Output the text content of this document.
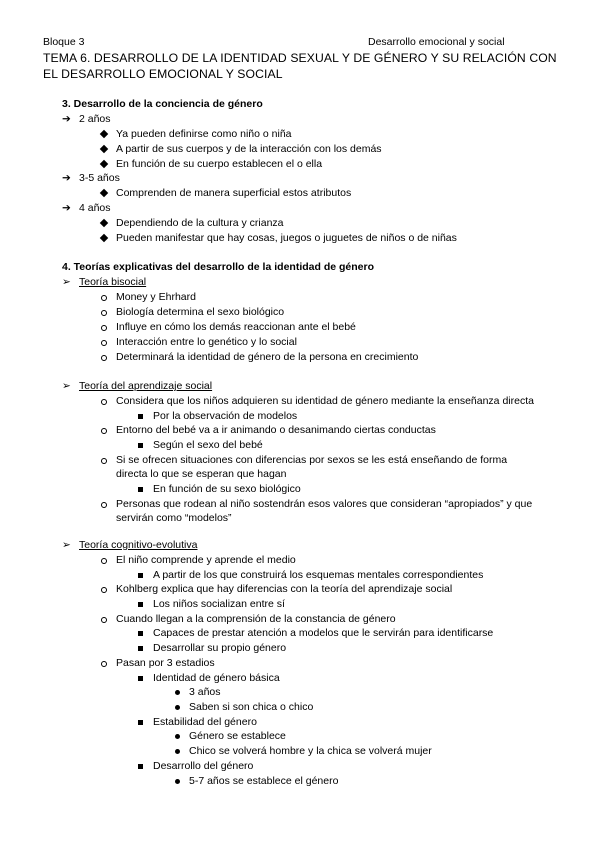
Bloque 3	Desarrollo emocional y social
TEMA 6. DESARROLLO DE LA IDENTIDAD SEXUAL Y DE GÉNERO Y SU RELACIÓN CON
EL DESARROLLO EMOCIONAL Y SOCIAL
3. Desarrollo de la conciencia de género
➔ 2 años
Ya pueden definirse como niño o niña
A partir de sus cuerpos y de la interacción con los demás
En función de su cuerpo establecen el o ella
➔ 3-5 años
Comprenden de manera superficial estos atributos
➔ 4 años
Dependiendo de la cultura y crianza
Pueden manifestar que hay cosas, juegos o juguetes de niños o de niñas
4. Teorías explicativas del desarrollo de la identidad de género
➢ Teoría bisocial
Money y Ehrhard
Biología determina el sexo biológico
Influye en cómo los demás reaccionan ante el bebé
Interacción entre lo genético y lo social
Determinará la identidad de género de la persona en crecimiento
➢ Teoría del aprendizaje social
Considera que los niños adquieren su identidad de género mediante la enseñanza directa
Por la observación de modelos
Entorno del bebé va a ir animando o desanimando ciertas conductas
Según el sexo del bebé
Si se ofrecen situaciones con diferencias por sexos se les está enseñando de forma
directa lo que se esperan que hagan
En función de su sexo biológico
Personas que rodean al niño sostendrán esos valores que consideran “apropiados” y que
servirán como “modelos”
➢ Teoría cognitivo-evolutiva
El niño comprende y aprende el medio
A partir de los que construirá los esquemas mentales correspondientes
Kohlberg explica que hay diferencias con la teoría del aprendizaje social
Los niños socializan entre sí
Cuando llegan a la comprensión de la constancia de género
Capaces de prestar atención a modelos que le servirán para identificarse
Desarrollar su propio género
Pasan por 3 estadios
Identidad de género básica
3 años
Saben si son chica o chico
Estabilidad del género
Género se establece
Chico se volverá hombre y la chica se volverá mujer
Desarrollo del género
5-7 años se establece el género
